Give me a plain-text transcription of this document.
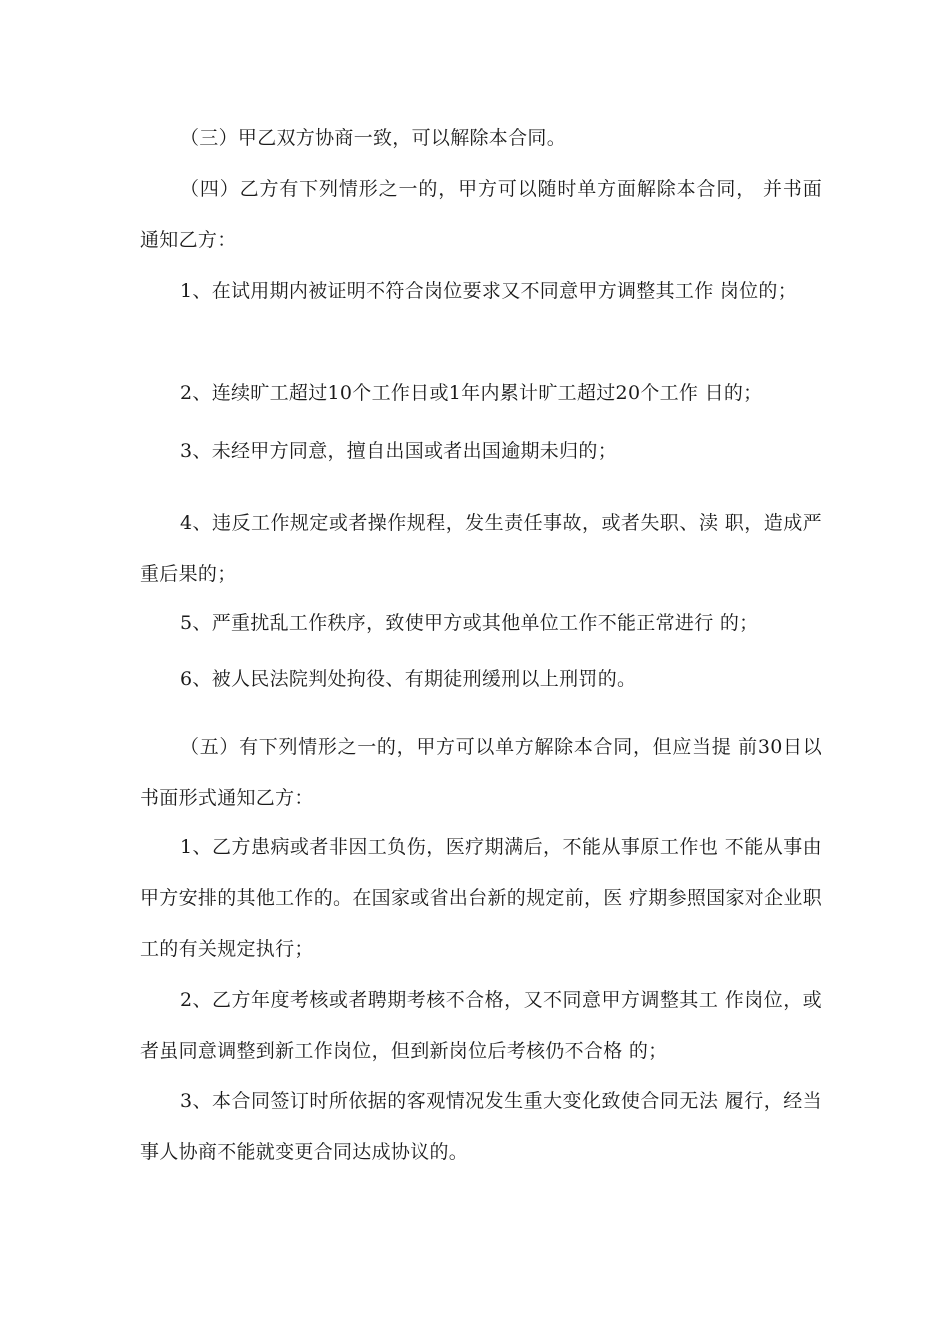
（三）甲乙双方协商一致，可以解除本合同。

（四）乙方有下列情形之一的，甲方可以随时单方面解除本合同， 并书面通知乙方：

1、在试用期内被证明不符合岗位要求又不同意甲方调整其工作 岗位的；

2、连续旷工超过10个工作日或1年内累计旷工超过20个工作 日的；

3、未经甲方同意，擅自出国或者出国逾期未归的；

4、违反工作规定或者操作规程，发生责任事故，或者失职、渎 职，造成严重后果的；

5、严重扰乱工作秩序，致使甲方或其他单位工作不能正常进行 的；

6、被人民法院判处拘役、有期徒刑缓刑以上刑罚的。

（五）有下列情形之一的，甲方可以单方解除本合同，但应当提 前30日以书面形式通知乙方：

1、乙方患病或者非因工负伤，医疗期满后，不能从事原工作也 不能从事由甲方安排的其他工作的。在国家或省出台新的规定前，医 疗期参照国家对企业职工的有关规定执行；

2、乙方年度考核或者聘期考核不合格，又不同意甲方调整其工 作岗位，或者虽同意调整到新工作岗位，但到新岗位后考核仍不合格 的；

3、本合同签订时所依据的客观情况发生重大变化致使合同无法 履行，经当事人协商不能就变更合同达成协议的。
